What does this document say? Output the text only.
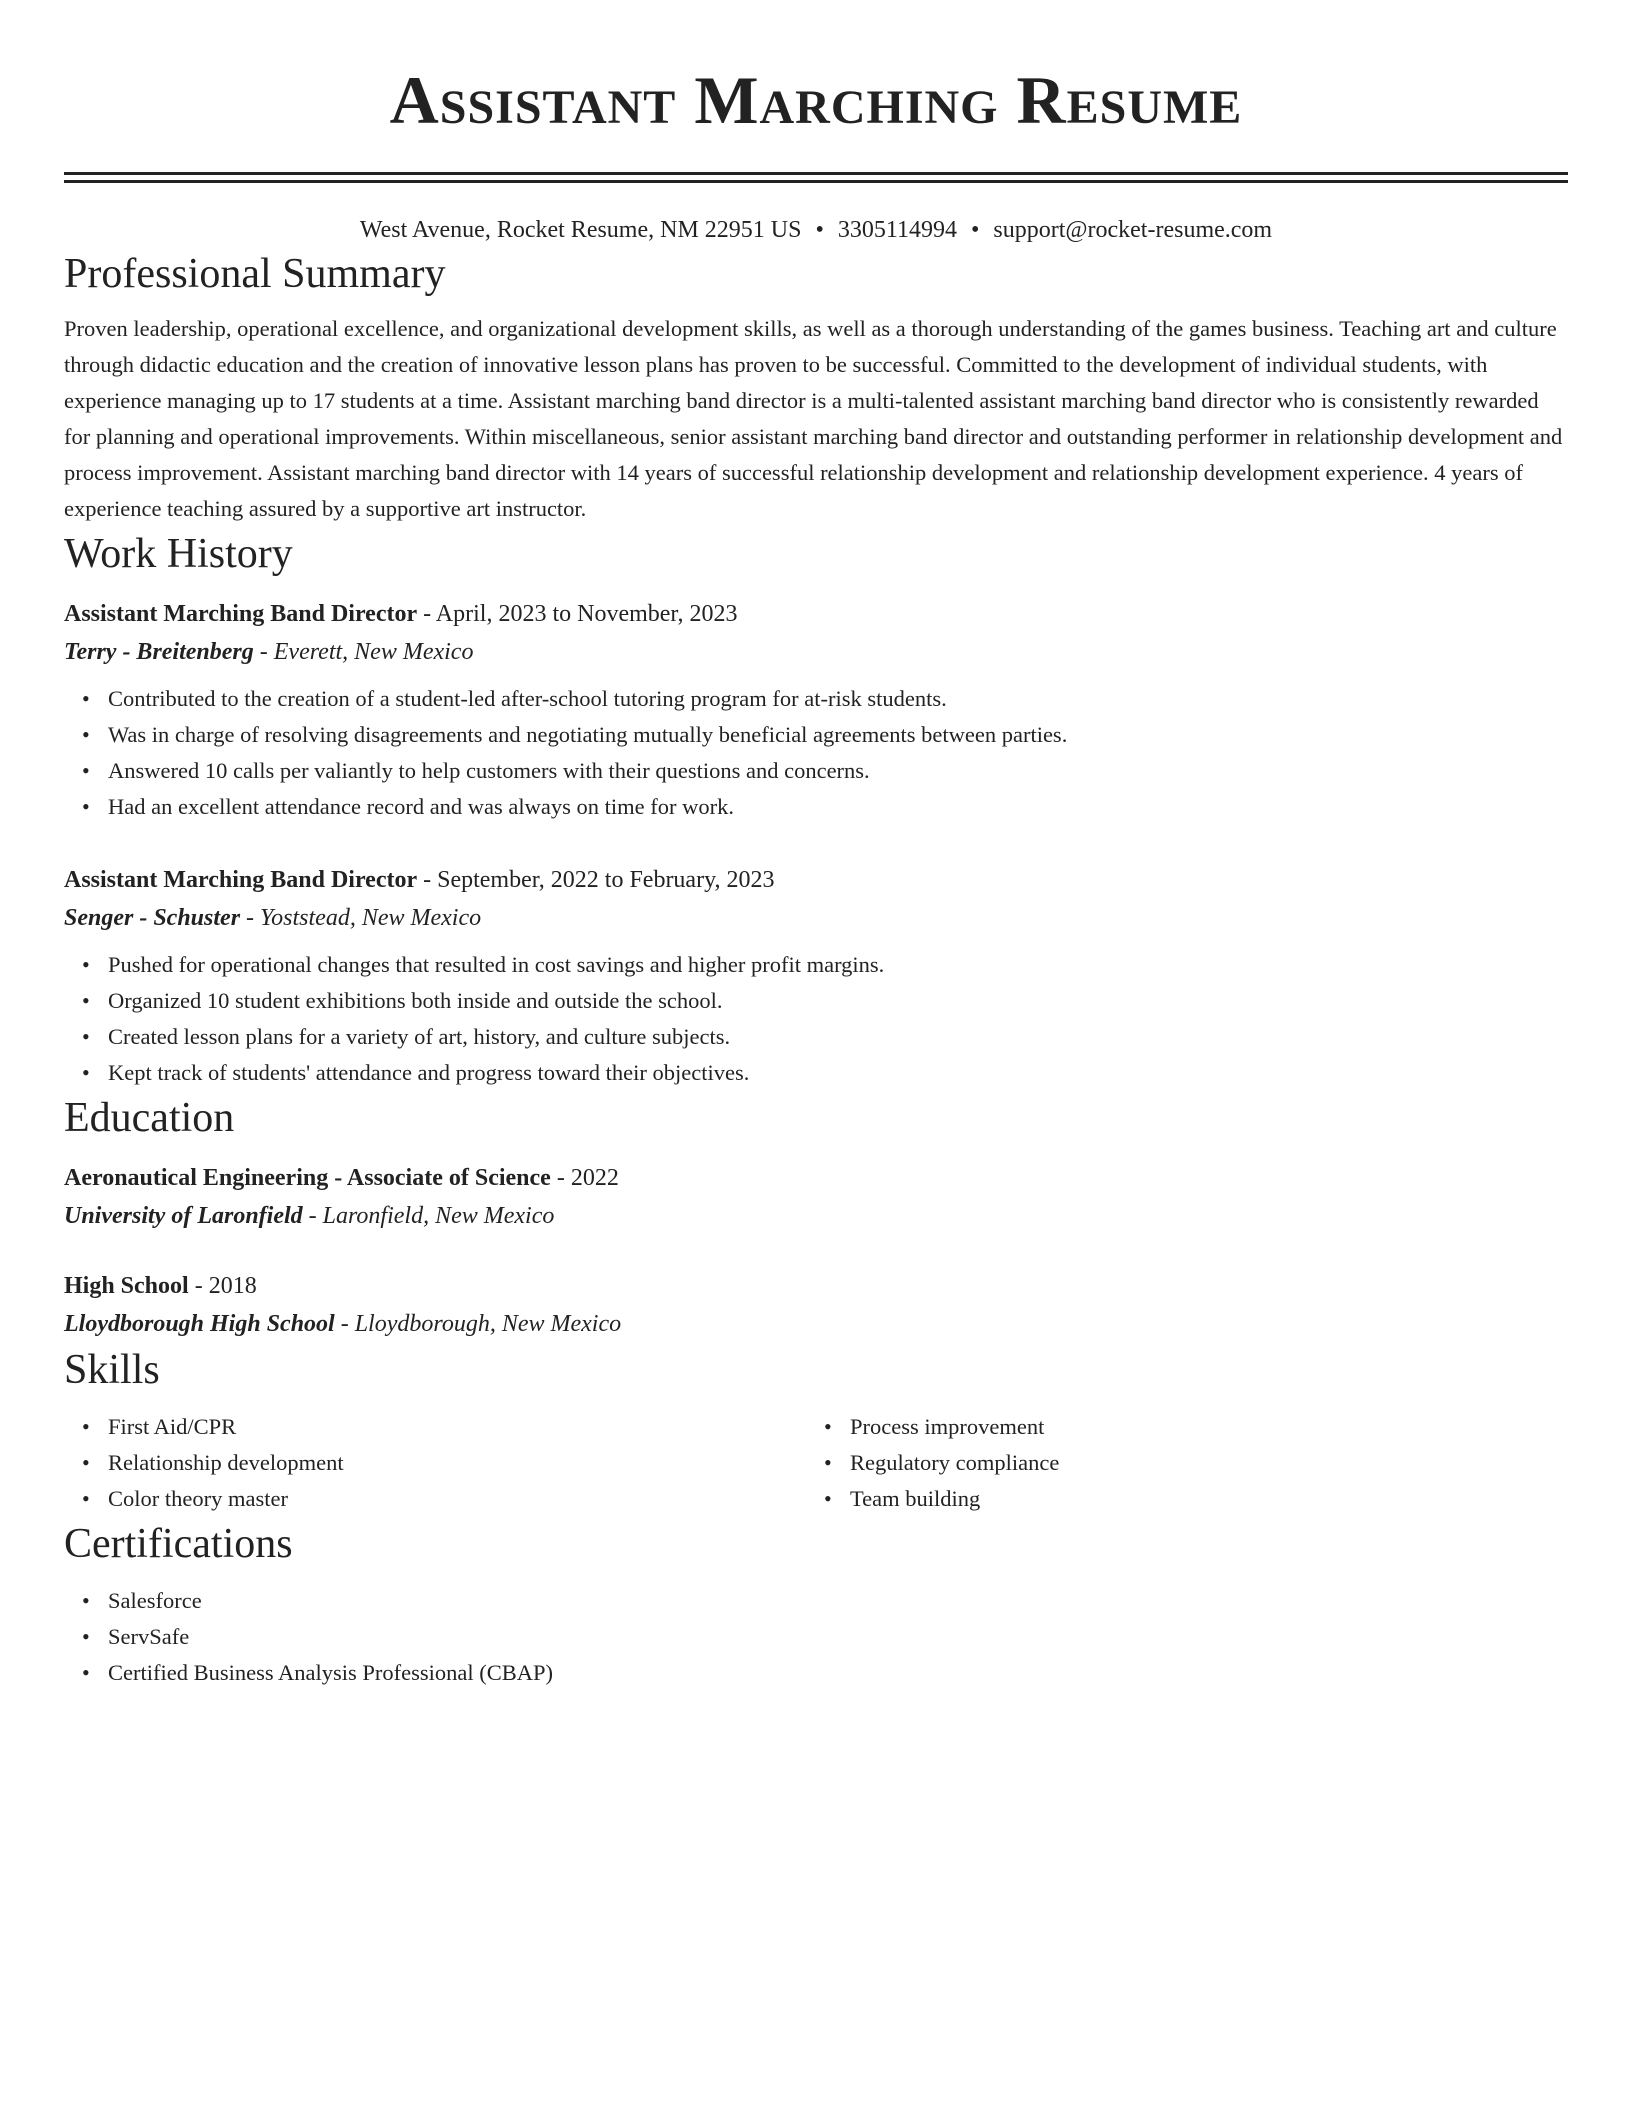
Assistant Marching Resume
West Avenue, Rocket Resume, NM 22951 US • 3305114994 • support@rocket-resume.com
Professional Summary

Proven leadership, operational excellence, and organizational development skills, as well as a thorough understanding of the games business. Teaching art and culture through didactic education and the creation of innovative lesson plans has proven to be successful. Committed to the development of individual students, with experience managing up to 17 students at a time. Assistant marching band director is a multi-talented assistant marching band director who is consistently rewarded for planning and operational improvements. Within miscellaneous, senior assistant marching band director and outstanding performer in relationship development and process improvement. Assistant marching band director with 14 years of successful relationship development and relationship development experience. 4 years of experience teaching assured by a supportive art instructor.

Work History
Assistant Marching Band Director - April, 2023 to November, 2023
Terry - Breitenberg - Everett, New Mexico
• Contributed to the creation of a student-led after-school tutoring program for at-risk students.
• Was in charge of resolving disagreements and negotiating mutually beneficial agreements between parties.
• Answered 10 calls per valiantly to help customers with their questions and concerns.
• Had an excellent attendance record and was always on time for work.
Assistant Marching Band Director - September, 2022 to February, 2023
Senger - Schuster - Yoststead, New Mexico
• Pushed for operational changes that resulted in cost savings and higher profit margins.
• Organized 10 student exhibitions both inside and outside the school.
• Created lesson plans for a variety of art, history, and culture subjects.
• Kept track of students' attendance and progress toward their objectives.
Education
Aeronautical Engineering - Associate of Science - 2022
University of Laronfield - Laronfield, New Mexico
High School - 2018
Lloydborough High School - Lloydborough, New Mexico
Skills
• First Aid/CPR
• Relationship development
• Color theory master
• Process improvement
• Regulatory compliance
• Team building
Certifications
• Salesforce
• ServSafe
• Certified Business Analysis Professional (CBAP)
